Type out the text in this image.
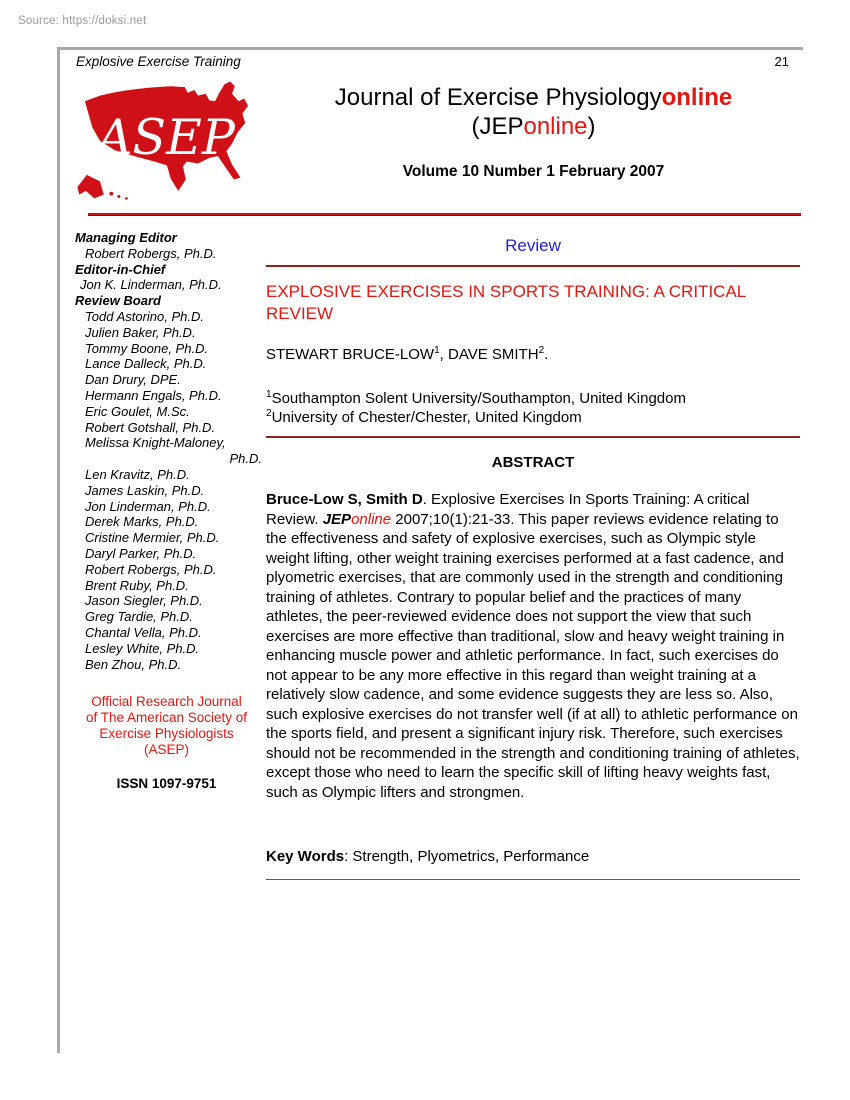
Source: https://doksi.net
Explosive Exercise Training	21
ASEP
Journal of Exercise Physiologyonline
(JEPonline)
Volume 10 Number 1 February 2007
Managing Editor
Robert Robergs, Ph.D.
Editor-in-Chief
Jon K. Linderman, Ph.D.
Review Board
Todd Astorino, Ph.D.
Julien Baker, Ph.D.
Tommy Boone, Ph.D.
Lance Dalleck, Ph.D.
Dan Drury, DPE.
Hermann Engals, Ph.D.
Eric Goulet, M.Sc.
Robert Gotshall, Ph.D.
Melissa Knight-Maloney,
Ph.D.
Len Kravitz, Ph.D.
James Laskin, Ph.D.
Jon Linderman, Ph.D.
Derek Marks, Ph.D.
Cristine Mermier, Ph.D.
Daryl Parker, Ph.D.
Robert Robergs, Ph.D.
Brent Ruby, Ph.D.
Jason Siegler, Ph.D.
Greg Tardie, Ph.D.
Chantal Vella, Ph.D.
Lesley White, Ph.D.
Ben Zhou, Ph.D.
Official Research Journal
of The American Society of
Exercise Physiologists
(ASEP)
ISSN 1097-9751
Review
EXPLOSIVE EXERCISES IN SPORTS TRAINING: A CRITICAL REVIEW
STEWART BRUCE-LOW$^1$, DAVE SMITH$^2$.
$^1$Southampton Solent University/Southampton, United Kingdom
$^2$University of Chester/Chester, United Kingdom
ABSTRACT
Bruce-Low S, Smith D. Explosive Exercises In Sports Training: A critical Review. JEPonline 2007;10(1):21-33. This paper reviews evidence relating to the effectiveness and safety of explosive exercises, such as Olympic style weight lifting, other weight training exercises performed at a fast cadence, and plyometric exercises, that are commonly used in the strength and conditioning training of athletes. Contrary to popular belief and the practices of many athletes, the peer-reviewed evidence does not support the view that such exercises are more effective than traditional, slow and heavy weight training in enhancing muscle power and athletic performance. In fact, such exercises do not appear to be any more effective in this regard than weight training at a relatively slow cadence, and some evidence suggests they are less so. Also, such explosive exercises do not transfer well (if at all) to athletic performance on the sports field, and present a significant injury risk. Therefore, such exercises should not be recommended in the strength and conditioning training of athletes, except those who need to learn the specific skill of lifting heavy weights fast, such as Olympic lifters and strongmen.
Key Words: Strength, Plyometrics, Performance
